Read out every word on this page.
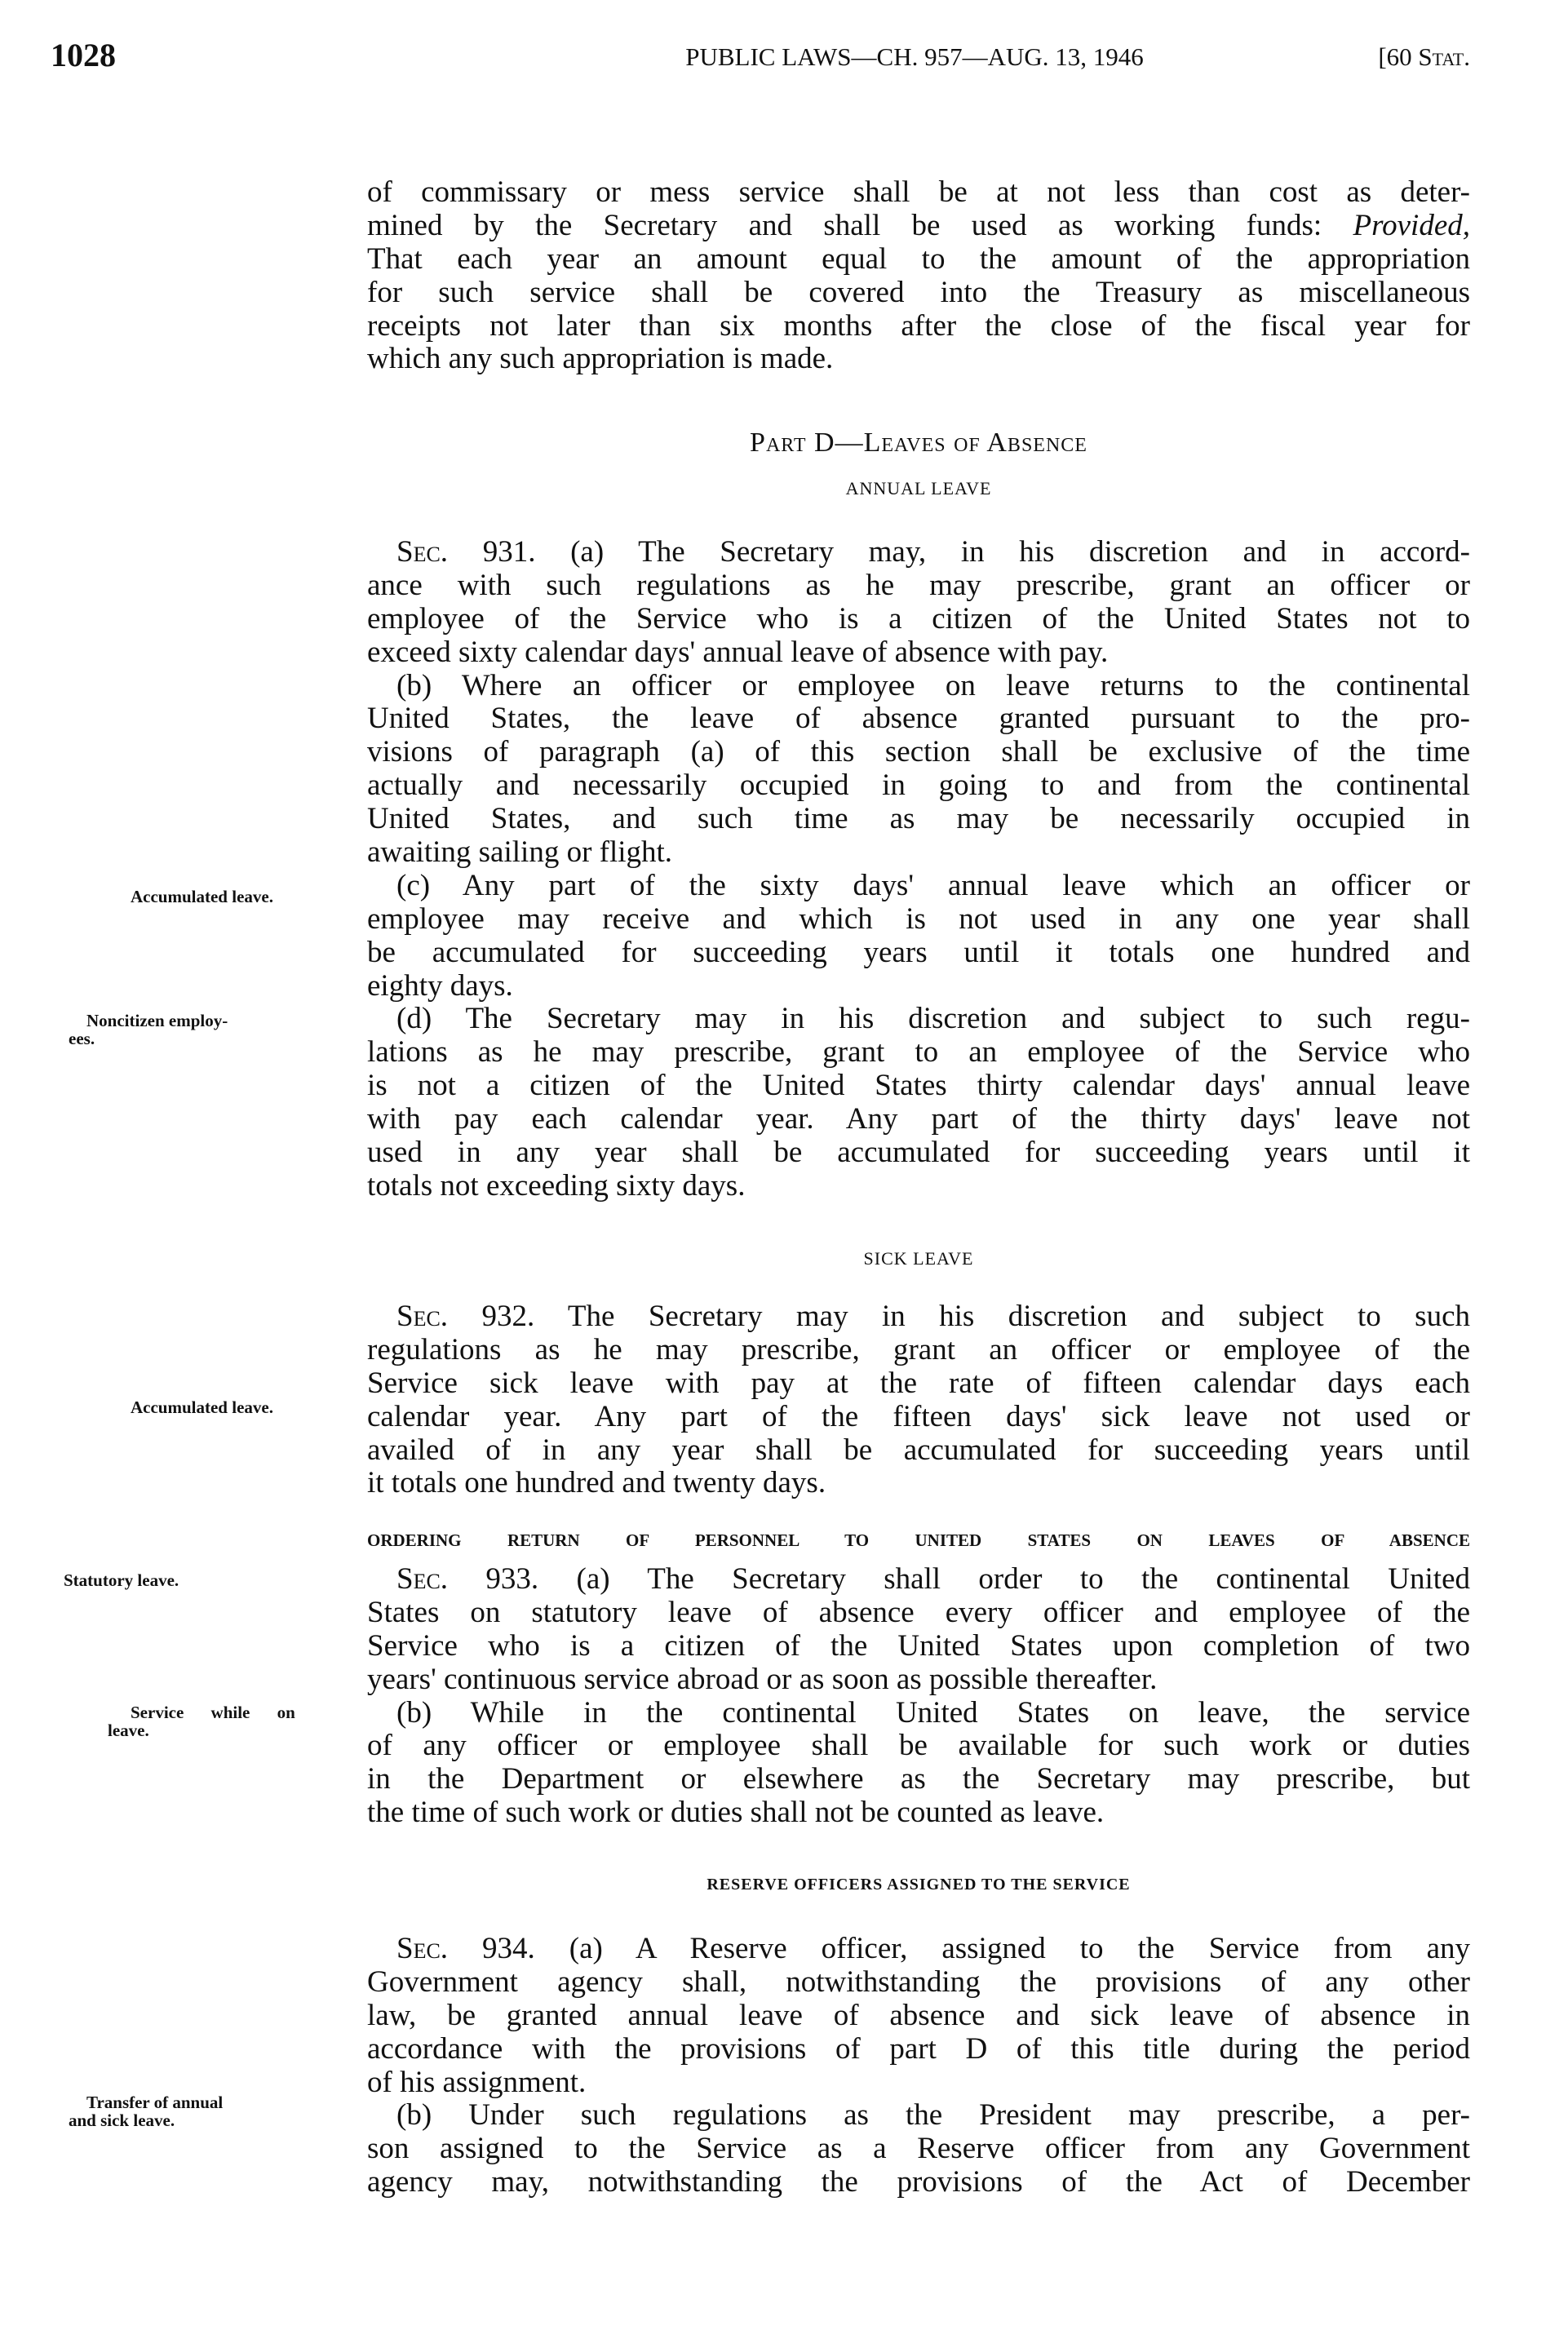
1028	PUBLIC LAWS—CH. 957—AUG. 13, 1946	[60 Stat.
of commissary or mess service shall be at not less than cost as deter-
mined by the Secretary and shall be used as working funds: Provided,
That each year an amount equal to the amount of the appropriation
for such service shall be covered into the Treasury as miscellaneous
receipts not later than six months after the close of the fiscal year for
which any such appropriation is made.
Part D—Leaves of Absence
ANNUAL LEAVE
Sec. 931. (a) The Secretary may, in his discretion and in accord-
ance with such regulations as he may prescribe, grant an officer or
employee of the Service who is a citizen of the United States not to
exceed sixty calendar days' annual leave of absence with pay.
(b) Where an officer or employee on leave returns to the continental
United States, the leave of absence granted pursuant to the pro-
visions of paragraph (a) of this section shall be exclusive of the time
actually and necessarily occupied in going to and from the continental
United States, and such time as may be necessarily occupied in
awaiting sailing or flight.
(c) Any part of the sixty days' annual leave which an officer or
employee may receive and which is not used in any one year shall
be accumulated for succeeding years until it totals one hundred and
eighty days.
(d) The Secretary may in his discretion and subject to such regu-
lations as he may prescribe, grant to an employee of the Service who
is not a citizen of the United States thirty calendar days' annual leave
with pay each calendar year. Any part of the thirty days' leave not
used in any year shall be accumulated for succeeding years until it
totals not exceeding sixty days.
SICK LEAVE
Sec. 932. The Secretary may in his discretion and subject to such
regulations as he may prescribe, grant an officer or employee of the
Service sick leave with pay at the rate of fifteen calendar days each
calendar year. Any part of the fifteen days' sick leave not used or
availed of in any year shall be accumulated for succeeding years until
it totals one hundred and twenty days.
ORDERING RETURN OF PERSONNEL TO UNITED STATES ON LEAVES OF ABSENCE
Sec. 933. (a) The Secretary shall order to the continental United
States on statutory leave of absence every officer and employee of the
Service who is a citizen of the United States upon completion of two
years' continuous service abroad or as soon as possible thereafter.
(b) While in the continental United States on leave, the service
of any officer or employee shall be available for such work or duties
in the Department or elsewhere as the Secretary may prescribe, but
the time of such work or duties shall not be counted as leave.
RESERVE OFFICERS ASSIGNED TO THE SERVICE
Sec. 934. (a) A Reserve officer, assigned to the Service from any
Government agency shall, notwithstanding the provisions of any other
law, be granted annual leave of absence and sick leave of absence in
accordance with the provisions of part D of this title during the period
of his assignment.
(b) Under such regulations as the President may prescribe, a per-
son assigned to the Service as a Reserve officer from any Government
agency may, notwithstanding the provisions of the Act of December
Accumulated leave.
Noncitizen employ-
ees.
Accumulated leave.
Statutory leave.
Service while on
leave.
Transfer of annual
and sick leave.
